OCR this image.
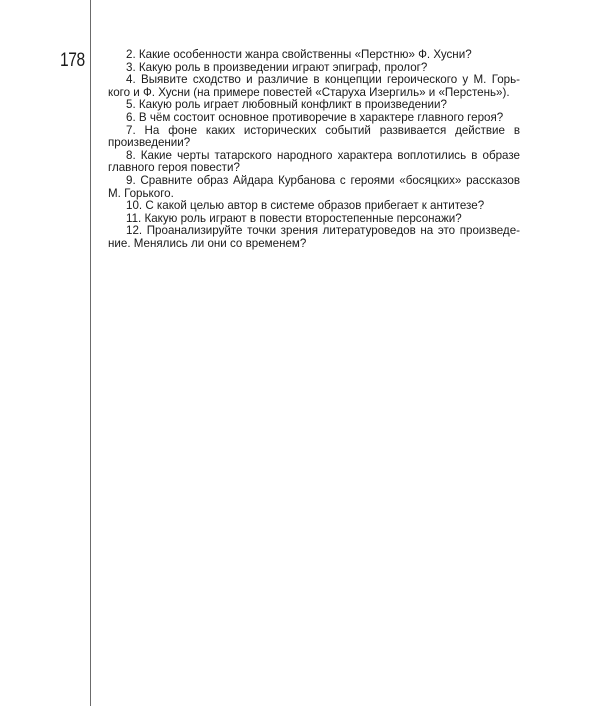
178	2. Какие особенности жанра свойственны «Перстню» Ф. Хусни?
3. Какую роль в произведении играют эпиграф, пролог?
4. Выявите сходство и различие в концепции героического у М. Горь-
кого и Ф. Хусни (на примере повестей «Старуха Изергиль» и «Перстень»).
5. Какую роль играет любовный конфликт в произведении?
6. В чём состоит основное противоречие в характере главного героя?
7. На фоне каких исторических событий развивается действие в
произведении?
8. Какие черты татарского народного характера воплотились в образе
главного героя повести?
9. Сравните образ Айдара Курбанова с героями «босяцких» рассказов
М. Горького.
10. С какой целью автор в системе образов прибегает к антитезе?
11. Какую роль играют в повести второстепенные персонажи?
12. Проанализируйте точки зрения литературоведов на это произведе-
ние. Менялись ли они со временем?
